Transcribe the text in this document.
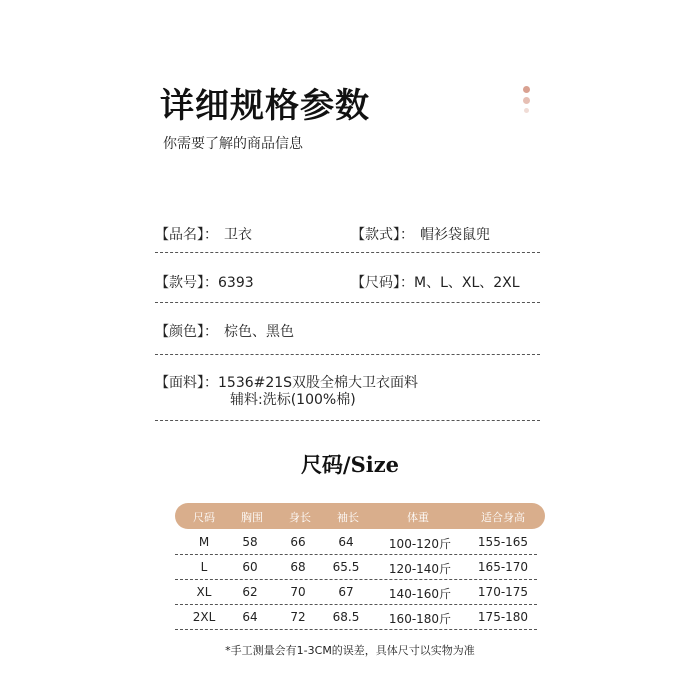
详细规格参数
你需要了解的商品信息
【品名】： 卫衣	【款式】： 帽衫袋鼠兜
【款号】：6393	【尺码】：M、L、XL、2XL
【颜色】： 棕色、黑色
【面料】：1536#21S双股全棉大卫衣面料
辅料:洗标(100%棉)
尺码/Size
尺码	胸围	身长	袖长	体重	适合身高
M	58	66	64	100-120斤	155-165
L	60	68	65.5	120-140斤	165-170
XL	62	70	67	140-160斤	170-175
2XL	64	72	68.5	160-180斤	175-180
*手工测量会有1-3CM的误差，具体尺寸以实物为准
